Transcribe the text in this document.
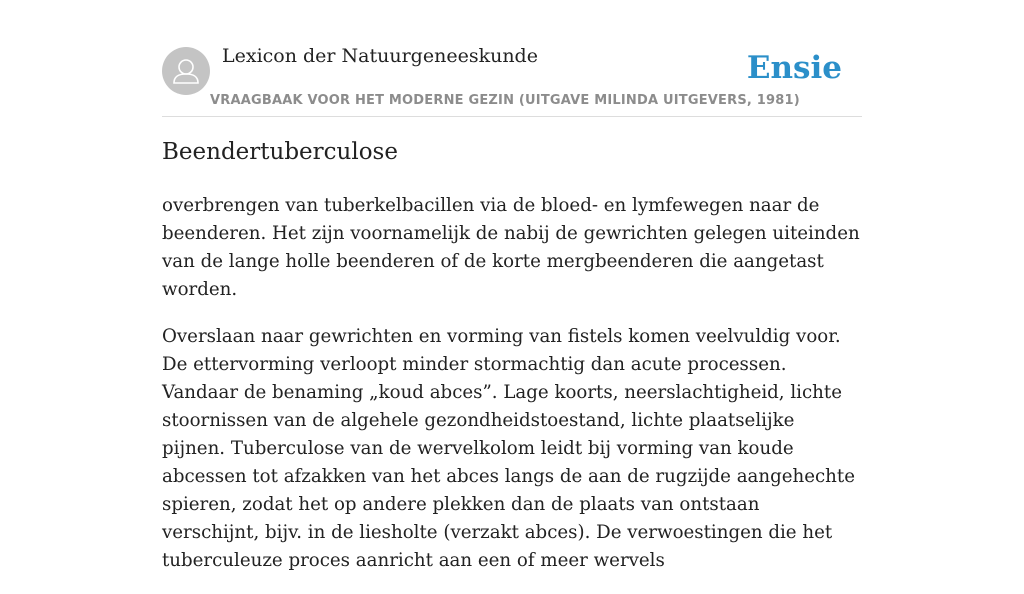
Lexicon der Natuurgeneeskunde
VRAAGBAAK VOOR HET MODERNE GEZIN (UITGAVE MILINDA UITGEVERS, 1981)
Ensie
Beendertuberculose

overbrengen van tuberkelbacillen via de bloed- en lymfewegen naar de beenderen. Het zijn voornamelijk de nabij de gewrichten gelegen uiteinden van de lange holle beenderen of de korte mergbeenderen die aangetast worden.

Overslaan naar gewrichten en vorming van fistels komen veelvuldig voor. De ettervorming verloopt minder stormachtig dan acute processen. Vandaar de benaming „koud abces”. Lage koorts, neerslachtigheid, lichte stoornissen van de algehele gezondheidstoestand, lichte plaatselijke pijnen. Tuberculose van de wervelkolom leidt bij vorming van koude abcessen tot afzakken van het abces langs de aan de rugzijde aangehechte spieren, zodat het op andere plekken dan de plaats van ontstaan verschijnt, bijv. in de liesholte (verzakt abces). De verwoestingen die het tuberculeuze proces aanricht aan een of meer wervels
